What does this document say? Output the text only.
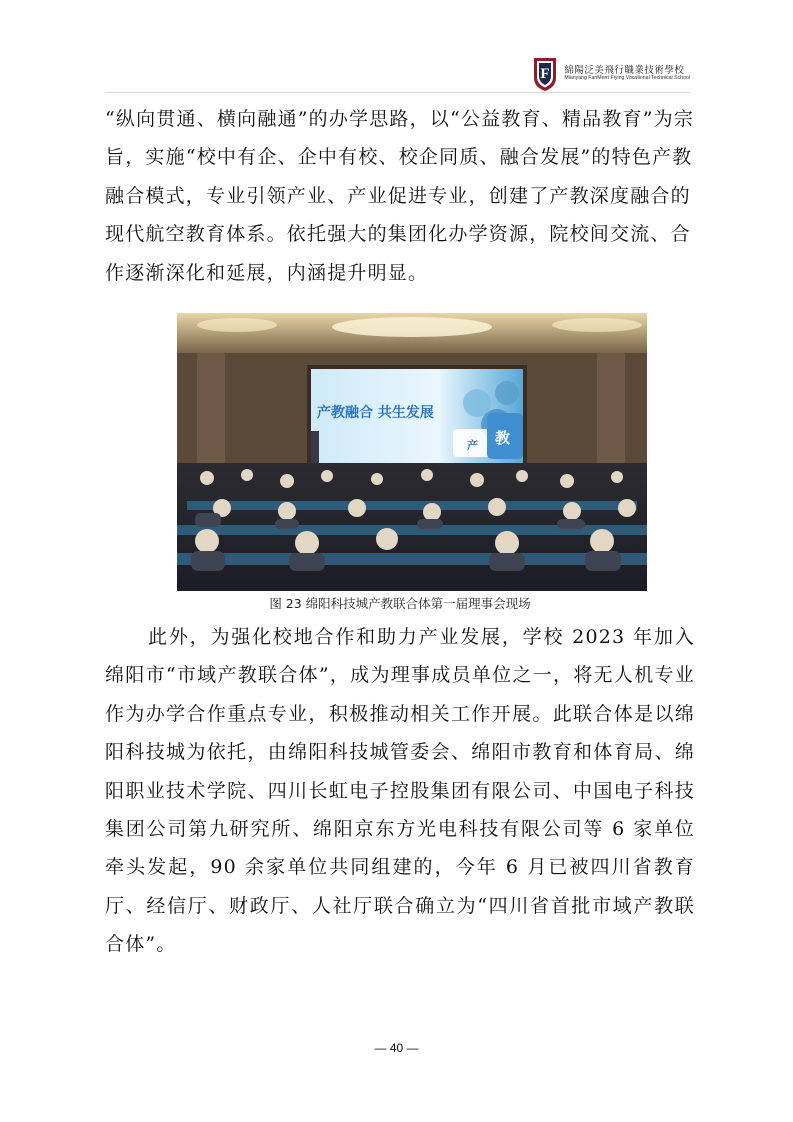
F 綿陽泛美飛行職業技術學校
Mianyang FanMerri Flying Vocational Technical School
“纵向贯通、横向融通”的办学思路，以“公益教育、精品教育”为宗旨，实施“校中有企、企中有校、校企同质、融合发展”的特色产教融合模式，专业引领产业、产业促进专业，创建了产教深度融合的现代航空教育体系。依托强大的集团化办学资源，院校间交流、合作逐渐深化和延展，内涵提升明显。
产教融合 共生发展
产 教
图 23 绵阳科技城产教联合体第一届理事会现场
此外，为强化校地合作和助力产业发展，学校 2023 年加入绵阳市“市域产教联合体”，成为理事成员单位之一，将无人机专业作为办学合作重点专业，积极推动相关工作开展。此联合体是以绵阳科技城为依托，由绵阳科技城管委会、绵阳市教育和体育局、绵阳职业技术学院、四川长虹电子控股集团有限公司、中国电子科技集团公司第九研究所、绵阳京东方光电科技有限公司等 6 家单位牵头发起，90 余家单位共同组建的，今年 6 月已被四川省教育厅、经信厅、财政厅、人社厅联合确立为“四川省首批市域产教联合体”。
— 40 —
